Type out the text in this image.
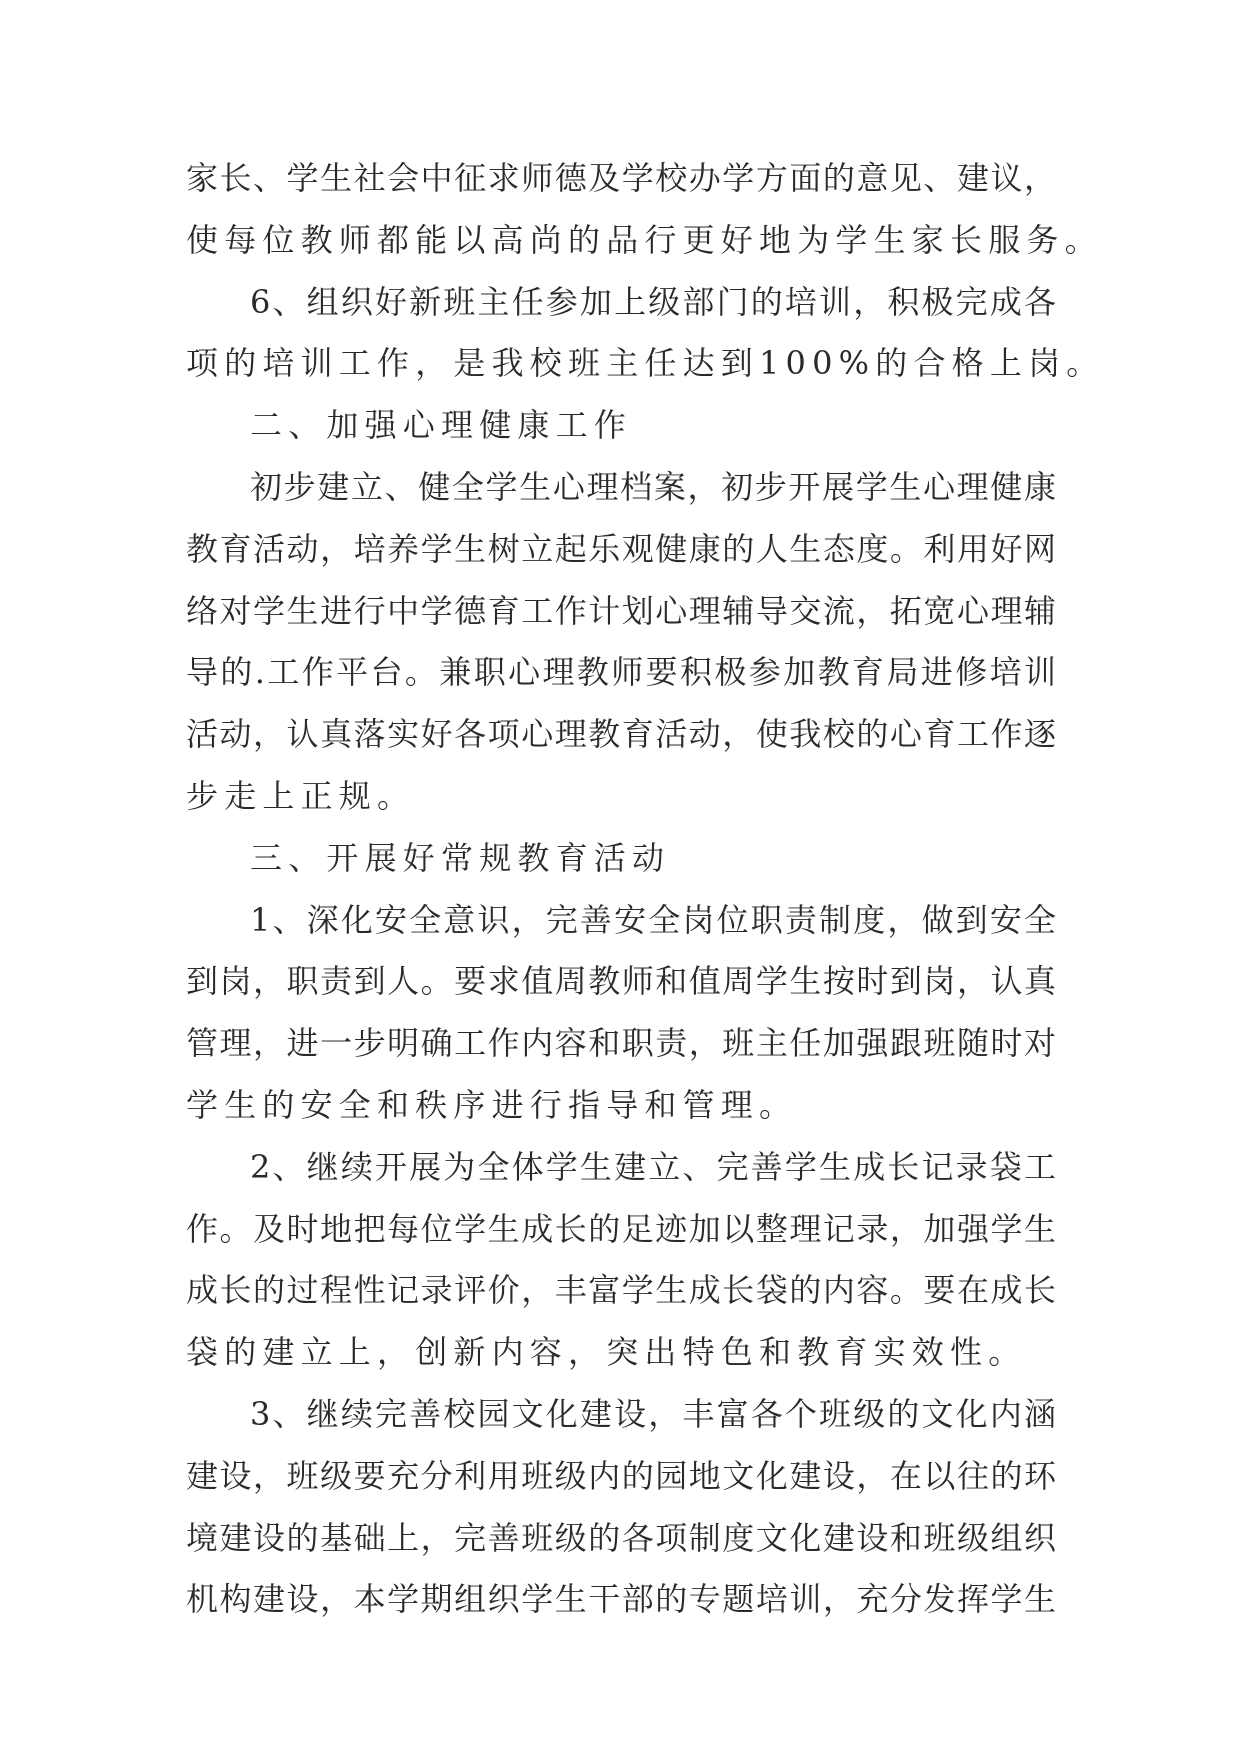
家长、学生社会中征求师德及学校办学方面的意见、建议，
使每位教师都能以高尚的品行更好地为学生家长服务。
6、组织好新班主任参加上级部门的培训，积极完成各
项的培训工作，是我校班主任达到100%的合格上岗。
二、加强心理健康工作
初步建立、健全学生心理档案，初步开展学生心理健康
教育活动，培养学生树立起乐观健康的人生态度。利用好网
络对学生进行中学德育工作计划心理辅导交流，拓宽心理辅
导的.工作平台。兼职心理教师要积极参加教育局进修培训
活动，认真落实好各项心理教育活动，使我校的心育工作逐
步走上正规。
三、开展好常规教育活动
1、深化安全意识，完善安全岗位职责制度，做到安全
到岗，职责到人。要求值周教师和值周学生按时到岗，认真
管理，进一步明确工作内容和职责，班主任加强跟班随时对
学生的安全和秩序进行指导和管理。
2、继续开展为全体学生建立、完善学生成长记录袋工
作。及时地把每位学生成长的足迹加以整理记录，加强学生
成长的过程性记录评价，丰富学生成长袋的内容。要在成长
袋的建立上，创新内容，突出特色和教育实效性。
3、继续完善校园文化建设，丰富各个班级的文化内涵
建设，班级要充分利用班级内的园地文化建设，在以往的环
境建设的基础上，完善班级的各项制度文化建设和班级组织
机构建设，本学期组织学生干部的专题培训，充分发挥学生
